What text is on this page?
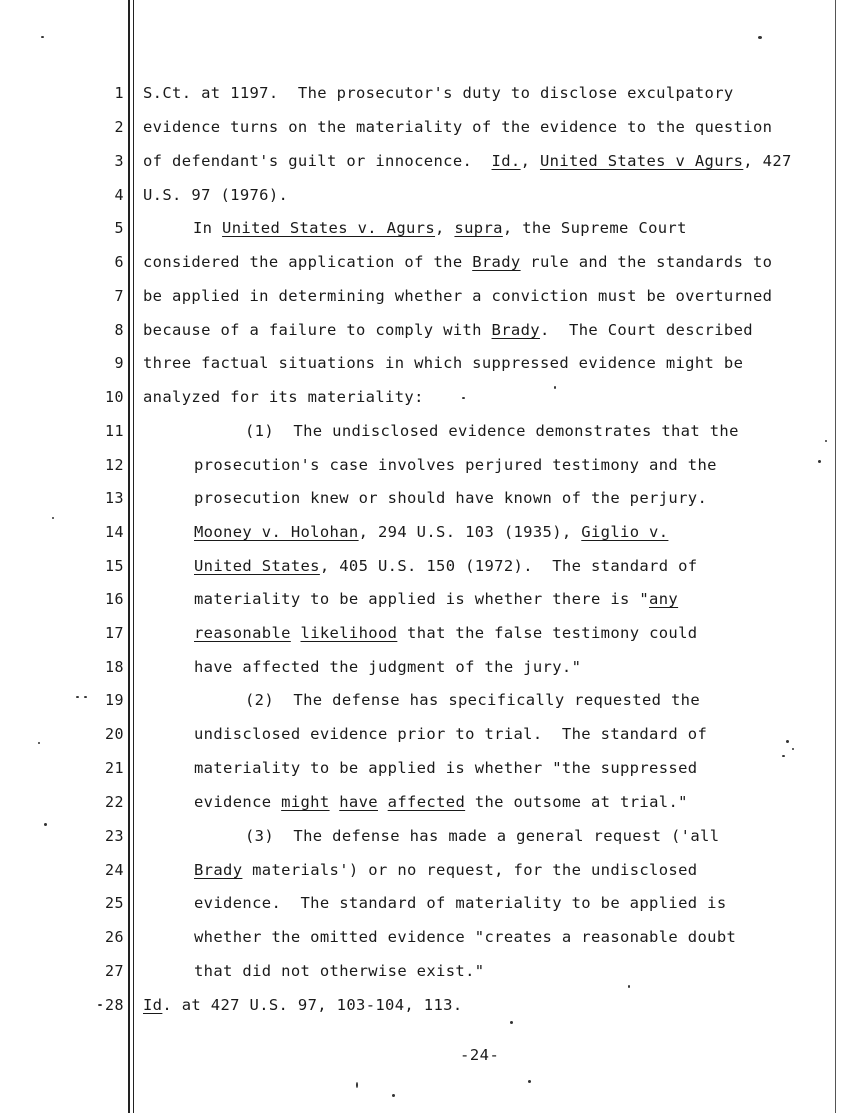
1
2
3
4
5
6
7
8
9
10
11
12
13
14
15
16
17
18
19
20
21
22
23
24
25
26
27
28
S.Ct. at 1197.  The prosecutor's duty to disclose exculpatory
evidence turns on the materiality of the evidence to the question
of defendant's guilt or innocence.  Id., United States v Agurs, 427
U.S. 97 (1976).
In United States v. Agurs, supra, the Supreme Court
considered the application of the Brady rule and the standards to
be applied in determining whether a conviction must be overturned
because of a failure to comply with Brady.  The Court described
three factual situations in which suppressed evidence might be
analyzed for its materiality:
(1)  The undisclosed evidence demonstrates that the
prosecution's case involves perjured testimony and the
prosecution knew or should have known of the perjury.
Mooney v. Holohan, 294 U.S. 103 (1935), Giglio v.
United States, 405 U.S. 150 (1972).  The standard of
materiality to be applied is whether there is "any
reasonable likelihood that the false testimony could
have affected the judgment of the jury."
(2)  The defense has specifically requested the
undisclosed evidence prior to trial.  The standard of
materiality to be applied is whether "the suppressed
evidence might have affected the outsome at trial."
(3)  The defense has made a general request ('all
Brady materials') or no request, for the undisclosed
evidence.  The standard of materiality to be applied is
whether the omitted evidence "creates a reasonable doubt
that did not otherwise exist."
Id. at 427 U.S. 97, 103-104, 113.
-24-
